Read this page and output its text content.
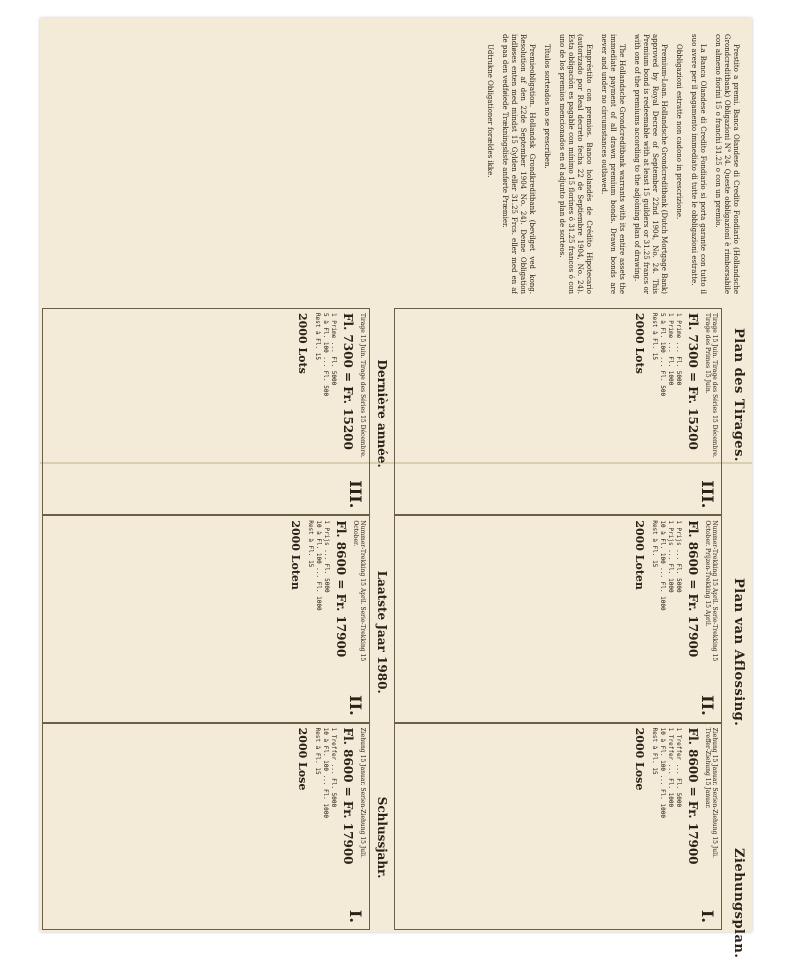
Prestito a premi. Banca Olandese di Credito Fondiario (Hollandsche Grondcreditbank) Obligazioni N° 24. Queste obbligazioni è rimborsabile con almeno fiorini 15 o franchi 31.25 o con un premio.

La Banca Olandese di Credito Fondiario si porta garante con tutto il suo avere per il pagamento immediato di tutte le obbligazioni estratte.

Obbligazioni estratte non cadono in prescrizione.

Premium-Loan. Hollandsche Grondcreditbank (Dutch Mortgage Bank) approved by Royal Decree of September 22nd 1904, No. 24. This Premium bond is redeemable with at least 15 guilders or 31.25 francs or with one of the premiums according to the adjoining plan of drawing.

The Hollandsche Grondcreditbank warrants with its entire assets the immediate payment of all drawn premium bonds. Drawn bonds are never and under no circumstances outlawed.

Empréstito con premios. Banco holandés de Crédito Hipotecario (autorizado por Real decreto fecha 22 de Septiembre 1904, No. 24). Esta obligación es pagable con mínimo 15 florines ó 31.25 francos ó con uno de los premios mencionados en el adjunto plan de sorteos.

Títulos sorteados no se prescriben.

Premieobligation. Hollandsk Grondkreditbank (bevilget ved kong. Resolution af den 22de September 1904 No. 24). Denne Obligation indløses enten med mindst 15 Gylden eller 31.25 Frcs. eller med en af de paa den vedføiede Trækningsliste anførte Præmier.

Udtrukne Obligationer forældes ikke.

Ziehungsplan.
Plan van Aflossing.
Plan des Tirages.
I.
Ziehung 15 Januar. Serien-Ziehung 15 Juli. Treffer-Ziehung 15 Januar.
Fl. 8600 = Fr. 17900
1 Treffer ... Fl. 5000
1 Treffer ... Fl. 1000
10 à Fl. 100 ... Fl. 1000
Rest à Fl. 15
2000 Lose
II.
Nummer-Trekking 15 April. Serie-Trekking 15 October. Prijzen-Trekking 15 April.
Fl. 8600 = Fr. 17900
1 Prijs ... Fl. 5000
1 Prijs ... Fl. 1000
10 à Fl. 100 ... Fl. 1000
Rest à Fl. 15
2000 Loten
III.
Tirage 15 Juin. Tirage des Séries 15 Décembre. Tirage des Primes 15 Juin.
Fl. 7300 = Fr. 15200
1 Prime ... Fl. 5000
1 Prime ... Fl. 1000
5 à Fl. 100 ... Fl. 500
Rest à Fl. 15
2000 Lots
Dernière année.
Laatste Jaar 1980.
Schlussjahr.
I.
Ziehung 15 Januar. Serien-Ziehung 15 Juli.
Fl. 8600 = Fr. 17900
1 Treffer ... Fl. 5000
10 à Fl. 100 ... Fl. 1000
Rest à Fl. 15
2000 Lose
II.
Nummer-Trekking 15 April. Serie-Trekking 15 October.
Fl. 8600 = Fr. 17900
1 Prijs ... Fl. 5000
10 à Fl. 100 ... Fl. 1000
Rest à Fl. 15
2000 Loten
III.
Tirage 15 Juin. Tirage des Séries 15 Décembre.
Fl. 7300 = Fr. 15200
1 Prime ... Fl. 5000
5 à Fl. 100 ... Fl. 500
Rest à Fl. 15
2000 Lots
